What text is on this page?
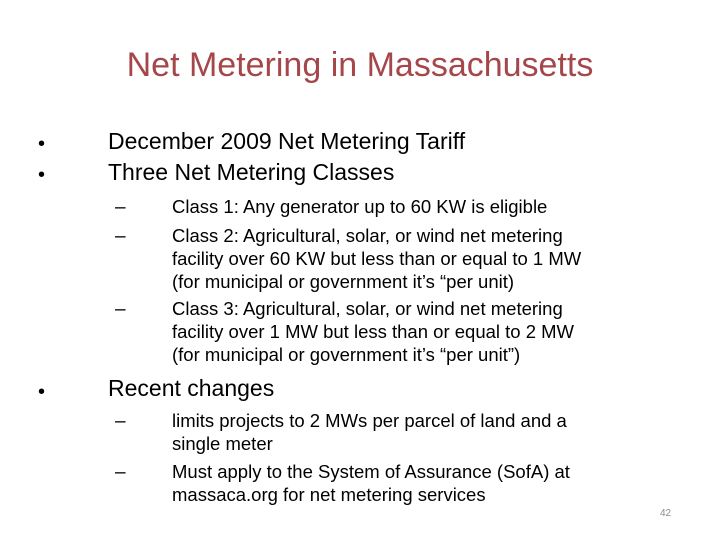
Net Metering in Massachusetts
•	December 2009 Net Metering Tariff
•	Three Net Metering Classes
–	Class 1: Any generator up to 60 KW is eligible
–	Class 2: Agricultural, solar, or wind net metering
facility over 60 KW but less than or equal to 1 MW
(for municipal or government it’s “per unit)
–	Class 3: Agricultural, solar, or wind net metering
facility over 1 MW but less than or equal to 2 MW
(for municipal or government it’s “per unit”)
•	Recent changes
–	limits projects to 2 MWs per parcel of land and a
single meter
–	Must apply to the System of Assurance (SofA) at
massaca.org for net metering services
42
